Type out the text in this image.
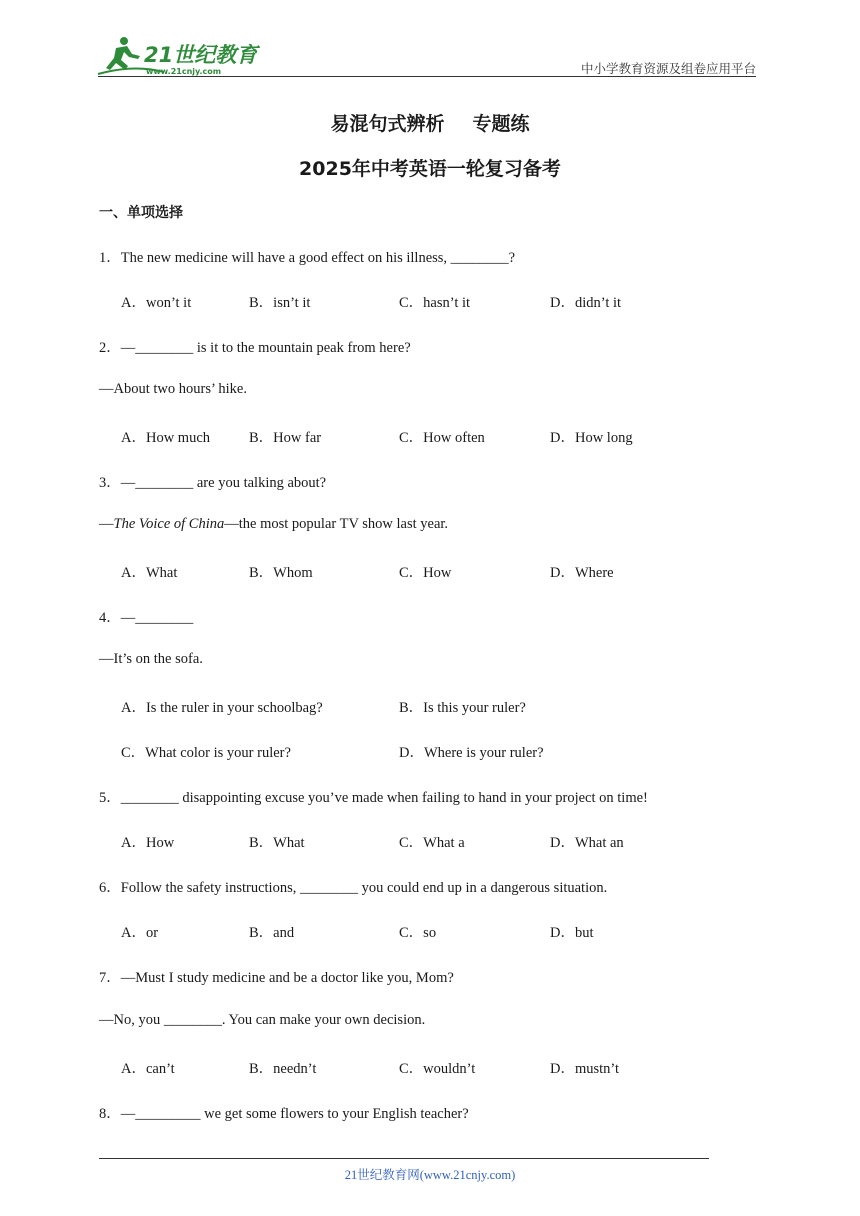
21世纪教育
www.21cnjy.com	中小学教育资源及组卷应用平台
易混句式辨析 专题练
2025年中考英语一轮复习备考
一、单项选择
1．The new medicine will have a good effect on his illness, ________?
A．won’t it	B．isn’t it	C．hasn’t it	D．didn’t it
2．—________ is it to the mountain peak from here?
—About two hours’ hike.
A．How much	B．How far	C．How often	D．How long
3．—________ are you talking about?
—The Voice of China—the most popular TV show last year.
A．What	B．Whom	C．How	D．Where
4．—________
—It’s on the sofa.
A．Is the ruler in your schoolbag?	B．Is this your ruler?
C．What color is your ruler?	D．Where is your ruler?
5．________ disappointing excuse you’ve made when failing to hand in your project on time!
A．How	B．What	C．What a	D．What an
6．Follow the safety instructions, ________ you could end up in a dangerous situation.
A．or	B．and	C．so	D．but
7．—Must I study medicine and be a doctor like you, Mom?
—No, you ________. You can make your own decision.
A．can’t	B．needn’t	C．wouldn’t	D．mustn’t
8．—_________ we get some flowers to your English teacher?
21世纪教育网(www.21cnjy.com)
